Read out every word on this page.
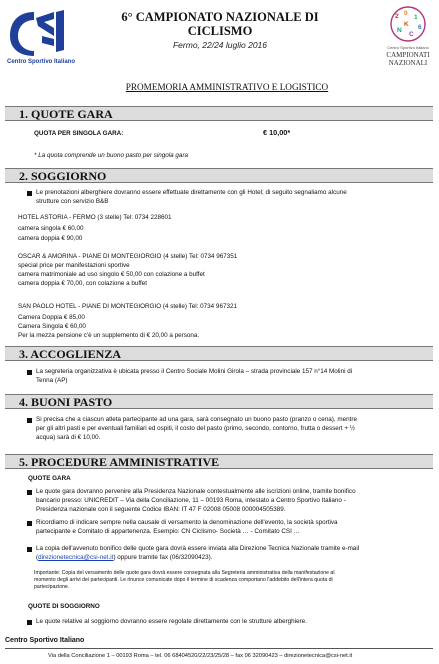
Centro Sportivo Italiano
6° CAMPIONATO NAZIONALE DI
CICLISMO
Fermo, 22/24 luglio 2016
2 0
1
6
C
N
K
Centro Sportivo Italiano
CAMPIONATI
NAZIONALI
PROMEMORIA AMMINISTRATIVO E LOGISTICO
1. QUOTE GARA
QUOTA PER SINGOLA GARA:	€ 10,00*
* La quota comprende un buono pasto per singola gara
2. SOGGIORNO
Le prenotazioni alberghiere dovranno essere effettuate direttamente con gli Hotel; di seguito segnaliamo alcune
strutture con servizio B&B
HOTEL ASTORIA - FERMO (3 stelle) Tel: 0734 228601
camera singola € 60,00
camera doppia € 90,00
OSCAR & AMORINA - PIANE DI MONTEGIORGIO (4 stelle) Tel: 0734 967351
special price per manifestazioni sportive
camera matrimoniale ad uso singolo € 50,00 con colazione a buffet
camera doppia € 70,00, con colazione a buffet
SAN PAOLO HOTEL - PIANE DI MONTEGIORGIO (4 stelle) Tel: 0734 967321
Camera Doppia € 85,00
Camera Singola € 60,00
Per la mezza pensione c'è un supplemento di € 20,00 a persona.
3. ACCOGLIENZA
La segreteria organizzativa è ubicata presso il Centro Sociale Molini Girola – strada provinciale 157 n°14 Molini di
Tenna (AP)
4. BUONI PASTO
Si precisa che a ciascun atleta partecipante ad una gara, sarà consegnato un buono pasto (pranzo o cena), mentre
per gli altri pasti e per eventuali familiari ed ospiti, il costo del pasto (primo, secondo, contorno, frutta o dessert + ½
acqua) sarà di € 10,00.
5. PROCEDURE AMMINISTRATIVE
QUOTE GARA
Le quote gara dovranno pervenire alla Presidenza Nazionale contestualmente alle iscrizioni online, tramite bonifico
bancario presso: UNICREDIT – Via della Conciliazione, 11 – 00193 Roma, intestato a Centro Sportivo Italiano -
Presidenza nazionale con il seguente Codice IBAN: IT 47 F 02008 05008 000004505389.
Ricordiamo di indicare sempre nella causale di versamento la denominazione dell'evento, la società sportiva
partecipante e Comitato di appartenenza. Esempio: CN Ciclismo- Società … - Comitato CSI …
La copia dell'avvenuto bonifico delle quote gara dovrà essere inviata alla Direzione Tecnica Nazionale tramite e-mail
(direzionetecnica@csi-net.it) oppure tramite fax (06/32090423).
Importante: Copia del versamento delle quote gara dovrà essere consegnata alla Segreteria amministrativa della manifestazione al
momento degli arrivi dei partecipanti. Le rinunce comunicate dopo il termine di scadenza comportano l'addebito dell'intera quota di
partecipazione.
QUOTE DI SOGGIORNO
Le quote relative al soggiorno dovranno essere regolate direttamente con le strutture alberghiere.
Centro Sportivo Italiano
Via della Conciliazione 1 – 00193 Roma – tel. 06 68404520/22/23/25/28 – fax 06 32090423 – direzionetecnica@csi-net.it
